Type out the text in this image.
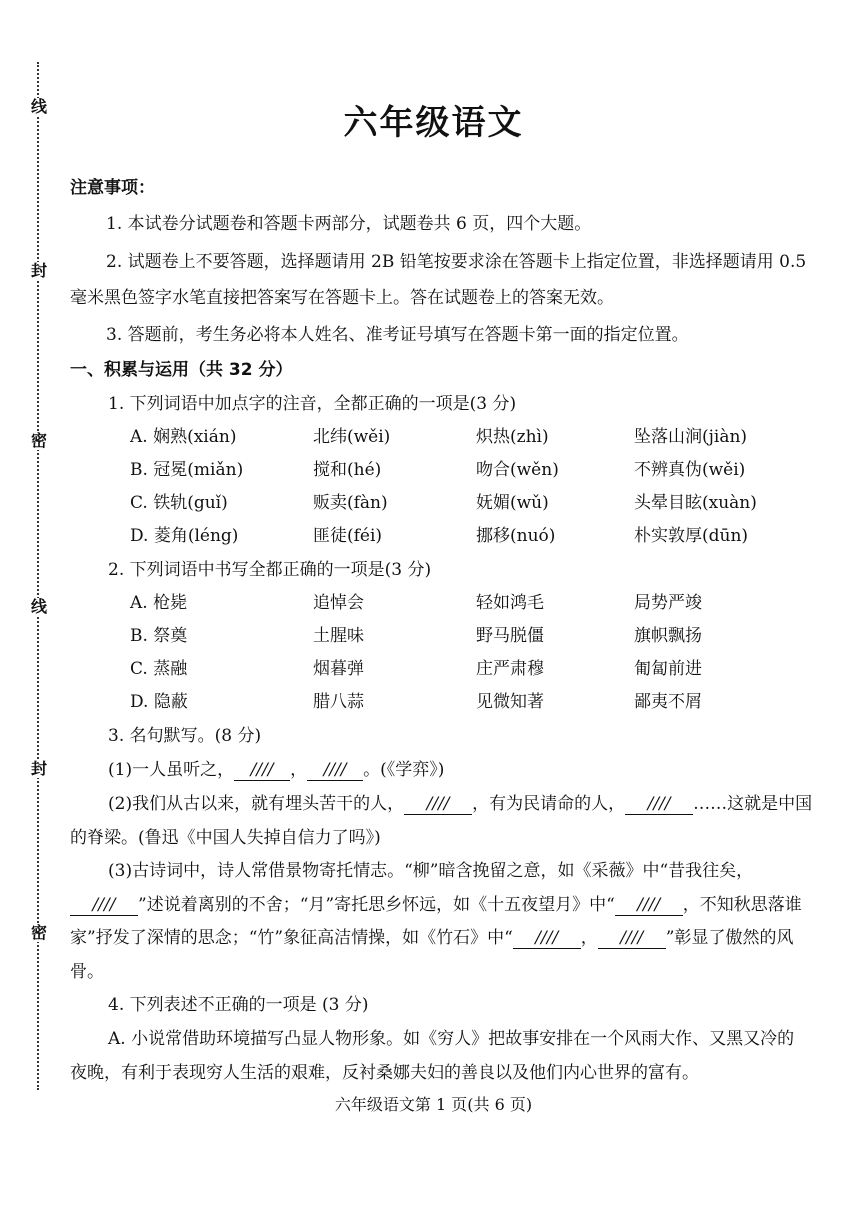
线
封
密
线
封
密
六年级语文
注意事项：
1. 本试卷分试题卷和答题卡两部分，试题卷共 6 页，四个大题。
2. 试题卷上不要答题，选择题请用 2B 铅笔按要求涂在答题卡上指定位置，非选择题请用 0.5
毫米黑色签字水笔直接把答案写在答题卡上。答在试题卷上的答案无效。
3. 答题前，考生务必将本人姓名、准考证号填写在答题卡第一面的指定位置。
一、积累与运用（共 32 分）
1. 下列词语中加点字的注音，全都正确的一项是(3 分)
A. 娴熟(xián)	北纬(wěi)	炽热(zhì)	坠落山涧(jiàn)
B. 冠冕(miǎn)	搅和(hé)	吻合(wěn)	不辨真伪(wěi)
C. 铁轨(guǐ)	贩卖(fàn)	妩媚(wǔ)	头晕目眩(xuàn)
D. 菱角(léng)	匪徒(féi)	挪移(nuó)	朴实敦厚(dūn)
2. 下列词语中书写全都正确的一项是(3 分)
A. 枪毙	追悼会	轻如鸿毛	局势严竣
B. 祭奠	土腥味	野马脱僵	旗帜飘扬
C. 蒸融	烟暮弹	庄严肃穆	匍匐前进
D. 隐蔽	腊八蒜	见微知著	鄙夷不屑
3. 名句默写。(8 分)
(1)一人虽听之， //// ， //// 。(《学弈》)
(2)我们从古以来，就有埋头苦干的人， //// ，有为民请命的人， //// ……这就是中国
的脊梁。(鲁迅《中国人失掉自信力了吗》)
(3)古诗词中，诗人常借景物寄托情志。“柳”暗含挽留之意，如《采薇》中“昔我往矣，
//// ”述说着离别的不舍；“月”寄托思乡怀远，如《十五夜望月》中“ //// ，不知秋思落谁
家”抒发了深情的思念；“竹”象征高洁情操，如《竹石》中“ //// ， //// ”彰显了傲然的风
骨。
4. 下列表述不正确的一项是 (3 分)
A. 小说常借助环境描写凸显人物形象。如《穷人》把故事安排在一个风雨大作、又黑又冷的
夜晚，有利于表现穷人生活的艰难，反衬桑娜夫妇的善良以及他们内心世界的富有。
六年级语文第 1 页(共 6 页)
